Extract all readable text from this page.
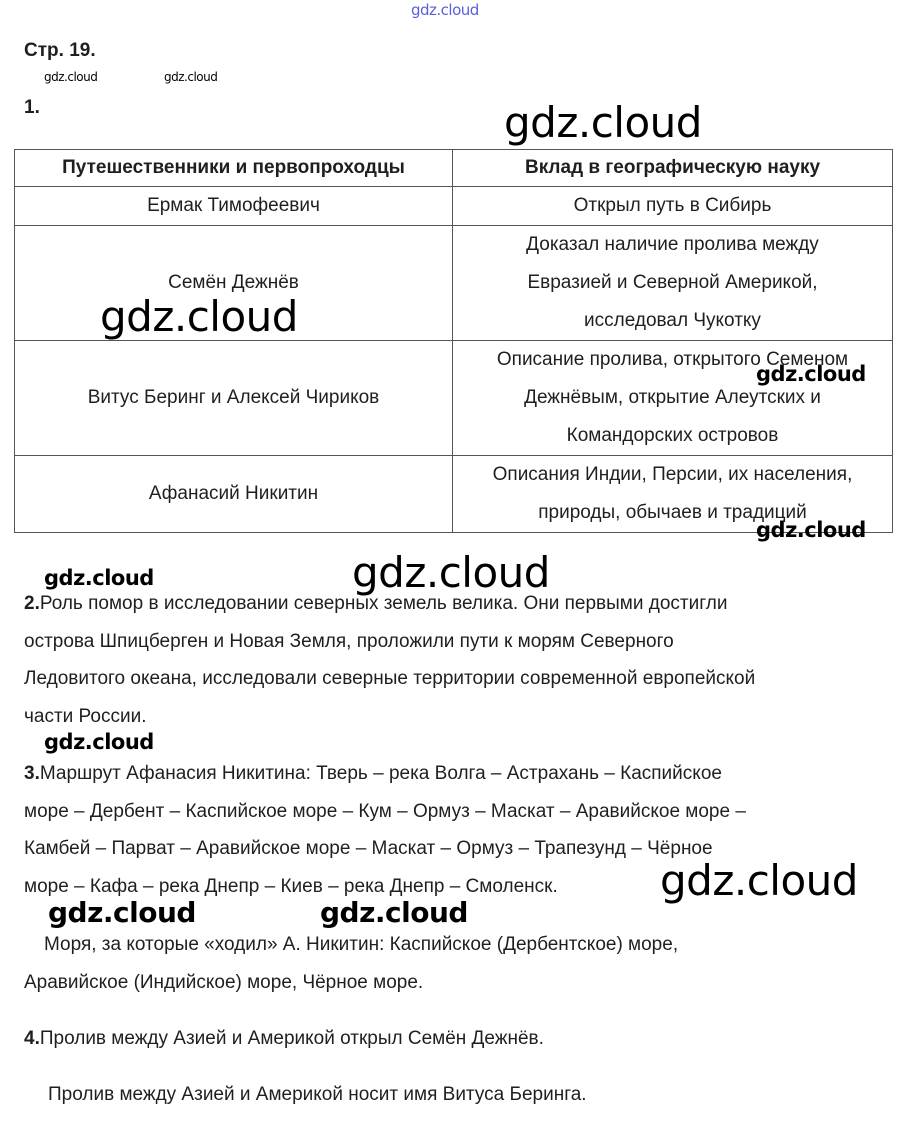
gdz.cloud
gdz.cloud	gdz.cloud
gdz.cloud
Стр. 19.
1.
Путешественники и первопроходцы	Вклад в географическую науку
Ермак Тимофеевич	Открыл путь в Сибирь

Семён Дежнёв	Доказал наличие пролива между
Евразией и Северной Америкой,
исследовал Чукотку

Витус Беринг и Алексей Чириков	Описание пролива, открытого Семеном
Дежнёвым, открытие Алеутских и
Командорских островов

Афанасий Никитин	Описания Индии, Персии, их населения,
природы, обычаев и традиций
gdz.cloud
gdz.cloud
gdz.cloud
gdz.cloud	gdz.cloud
2.Роль помор в исследовании северных земель велика. Они первыми достигли
острова Шпицберген и Новая Земля, проложили пути к морям Северного
Ледовитого океана, исследовали северные территории современной европейской
части России.
gdz.cloud
3.Маршрут Афанасия Никитина: Тверь – река Волга – Астрахань – Каспийское
море – Дербент – Каспийское море – Кум – Ормуз – Маскат – Аравийское море –
Камбей – Парват – Аравийское море – Маскат – Ормуз – Трапезунд – Чёрное
море – Кафа – река Днепр – Киев – река Днепр – Смоленск.	gdz.cloud
gdz.cloud	gdz.cloud
Моря, за которые «ходил» А. Никитин: Каспийское (Дербентское) море,
Аравийское (Индийское) море, Чёрное море.
4.Пролив между Азией и Америкой открыл Семён Дежнёв.
Пролив между Азией и Америкой носит имя Витуса Беринга.
